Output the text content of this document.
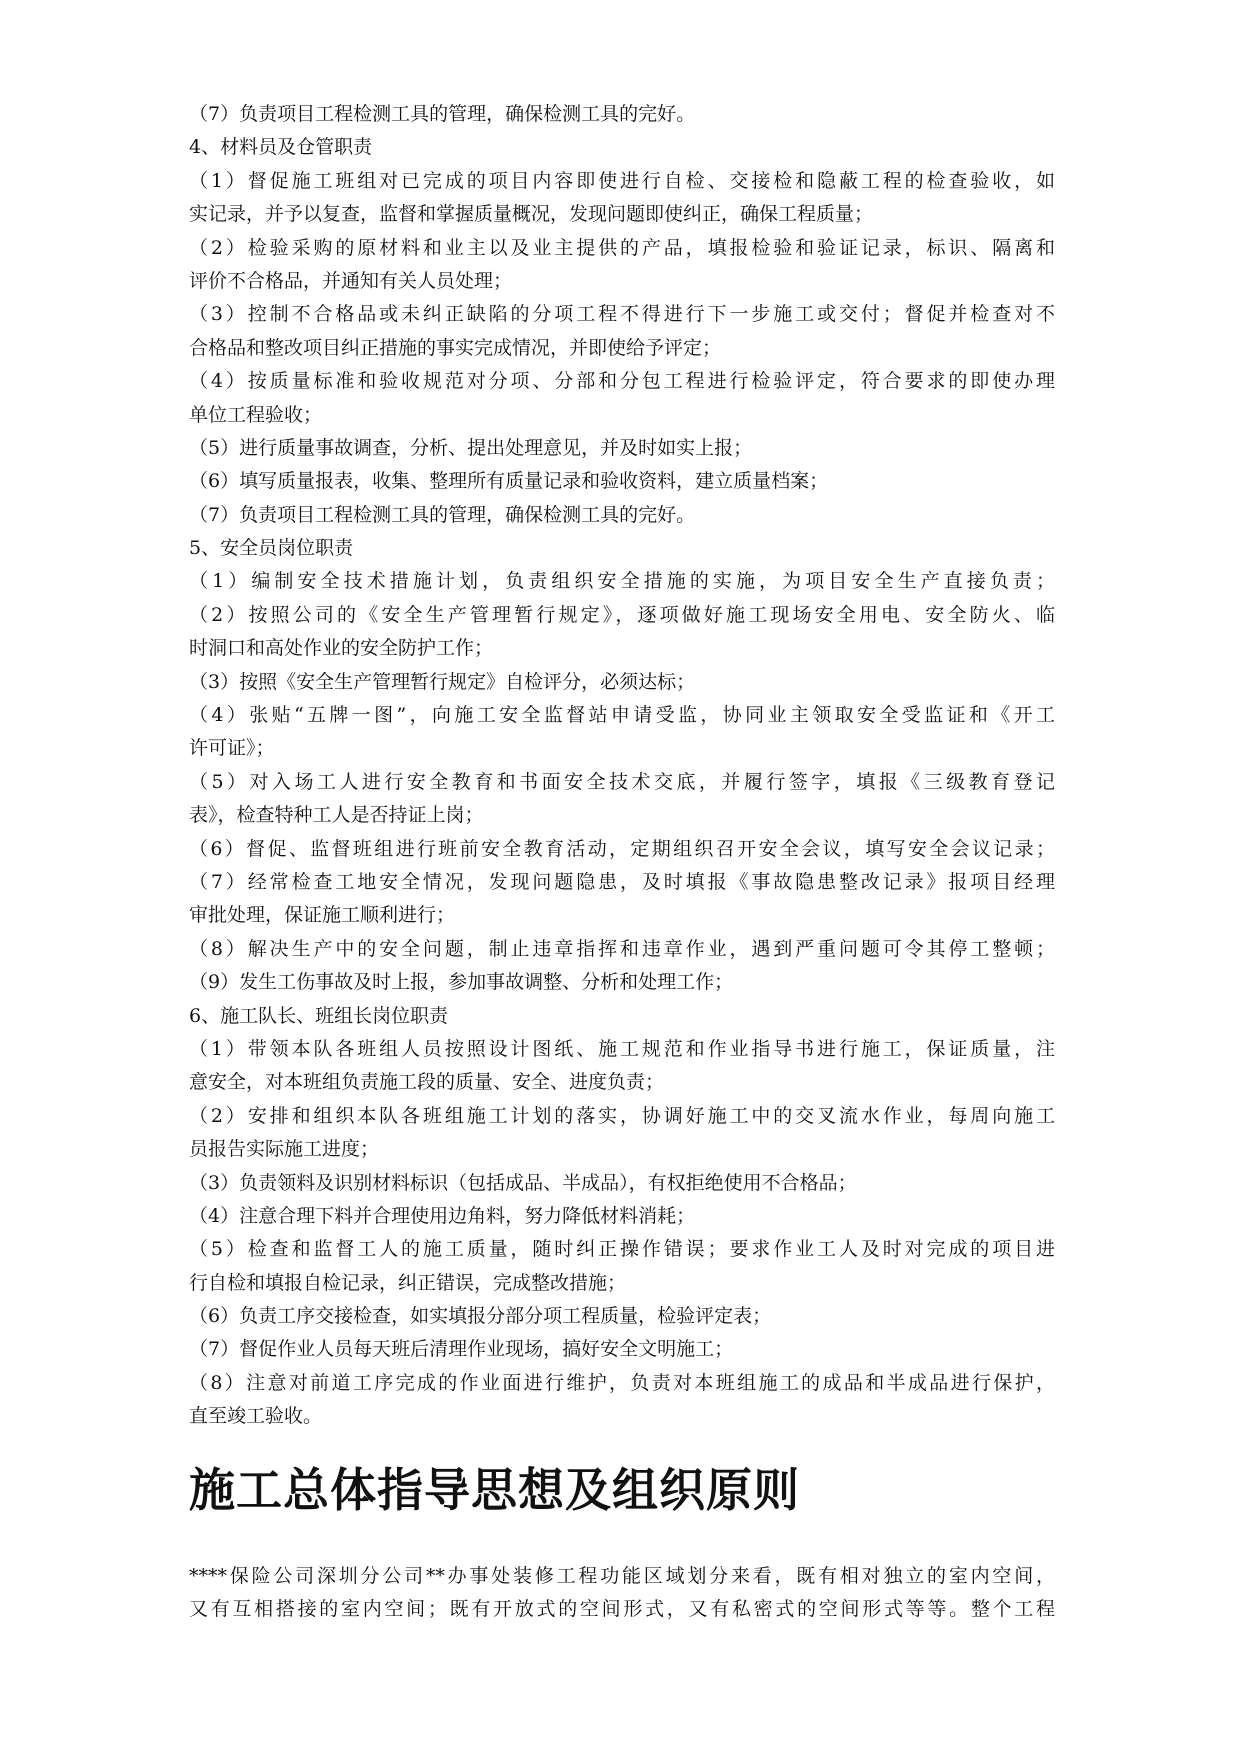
（7）负责项目工程检测工具的管理，确保检测工具的完好。
4、材料员及仓管职责
（1）督促施工班组对已完成的项目内容即使进行自检、交接检和隐蔽工程的检查验收，如
实记录，并予以复查，监督和掌握质量概况，发现问题即使纠正，确保工程质量；
（2）检验采购的原材料和业主以及业主提供的产品，填报检验和验证记录，标识、隔离和
评价不合格品，并通知有关人员处理；
（3）控制不合格品或未纠正缺陷的分项工程不得进行下一步施工或交付；督促并检查对不
合格品和整改项目纠正措施的事实完成情况，并即使给予评定；
（4）按质量标准和验收规范对分项、分部和分包工程进行检验评定，符合要求的即使办理
单位工程验收；
（5）进行质量事故调查，分析、提出处理意见，并及时如实上报；
（6）填写质量报表，收集、整理所有质量记录和验收资料，建立质量档案；
（7）负责项目工程检测工具的管理，确保检测工具的完好。
5、安全员岗位职责
（1）编制安全技术措施计划，负责组织安全措施的实施，为项目安全生产直接负责；
（2）按照公司的《安全生产管理暂行规定》，逐项做好施工现场安全用电、安全防火、临
时洞口和高处作业的安全防护工作；
（3）按照《安全生产管理暂行规定》自检评分，必须达标；
（4）张贴“五牌一图”，向施工安全监督站申请受监，协同业主领取安全受监证和《开工
许可证》；
（5）对入场工人进行安全教育和书面安全技术交底，并履行签字，填报《三级教育登记
表》，检查特种工人是否持证上岗；
（6）督促、监督班组进行班前安全教育活动，定期组织召开安全会议，填写安全会议记录；
（7）经常检查工地安全情况，发现问题隐患，及时填报《事故隐患整改记录》报项目经理
审批处理，保证施工顺利进行；
（8）解决生产中的安全问题，制止违章指挥和违章作业，遇到严重问题可令其停工整顿；
（9）发生工伤事故及时上报，参加事故调整、分析和处理工作；
6、施工队长、班组长岗位职责
（1）带领本队各班组人员按照设计图纸、施工规范和作业指导书进行施工，保证质量，注
意安全，对本班组负责施工段的质量、安全、进度负责；
（2）安排和组织本队各班组施工计划的落实，协调好施工中的交叉流水作业，每周向施工
员报告实际施工进度；
（3）负责领料及识别材料标识（包括成品、半成品），有权拒绝使用不合格品；
（4）注意合理下料并合理使用边角料，努力降低材料消耗；
（5）检查和监督工人的施工质量，随时纠正操作错误；要求作业工人及时对完成的项目进
行自检和填报自检记录，纠正错误，完成整改措施；
（6）负责工序交接检查，如实填报分部分项工程质量，检验评定表；
（7）督促作业人员每天班后清理作业现场，搞好安全文明施工；
（8）注意对前道工序完成的作业面进行维护，负责对本班组施工的成品和半成品进行保护，
直至竣工验收。
施工总体指导思想及组织原则
****保险公司深圳分公司**办事处装修工程功能区域划分来看，既有相对独立的室内空间，
又有互相搭接的室内空间；既有开放式的空间形式，又有私密式的空间形式等等。整个工程
